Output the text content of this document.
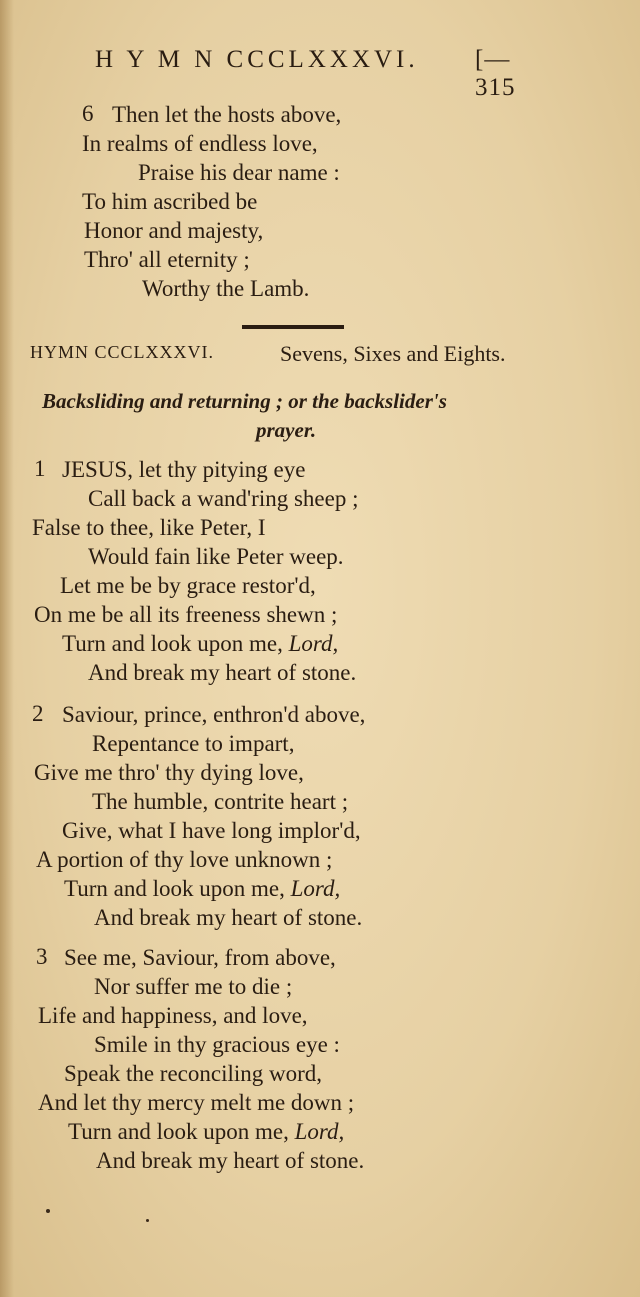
H Y M N CCCLXXXVI. [—315
6 Then let the hosts above,
In realms of endless love,
Praise his dear name :
To him ascribed be
Honor and majesty,
Thro' all eternity ;
Worthy the Lamb.
HYMN CCCLXXXVI.	Sevens, Sixes and Eights.
Backsliding and returning ; or the backslider's
prayer.
1 JESUS, let thy pitying eye
Call back a wand'ring sheep ;
False to thee, like Peter, I
Would fain like Peter weep.
Let me be by grace restor'd,
On me be all its freeness shewn ;
Turn and look upon me, Lord,
And break my heart of stone.
2 Saviour, prince, enthron'd above,
Repentance to impart,
Give me thro' thy dying love,
The humble, contrite heart ;
Give, what I have long implor'd,
A portion of thy love unknown ;
Turn and look upon me, Lord,
And break my heart of stone.
3 See me, Saviour, from above,
Nor suffer me to die ;
Life and happiness, and love,
Smile in thy gracious eye :
Speak the reconciling word,
And let thy mercy melt me down ;
Turn and look upon me, Lord,
And break my heart of stone.
